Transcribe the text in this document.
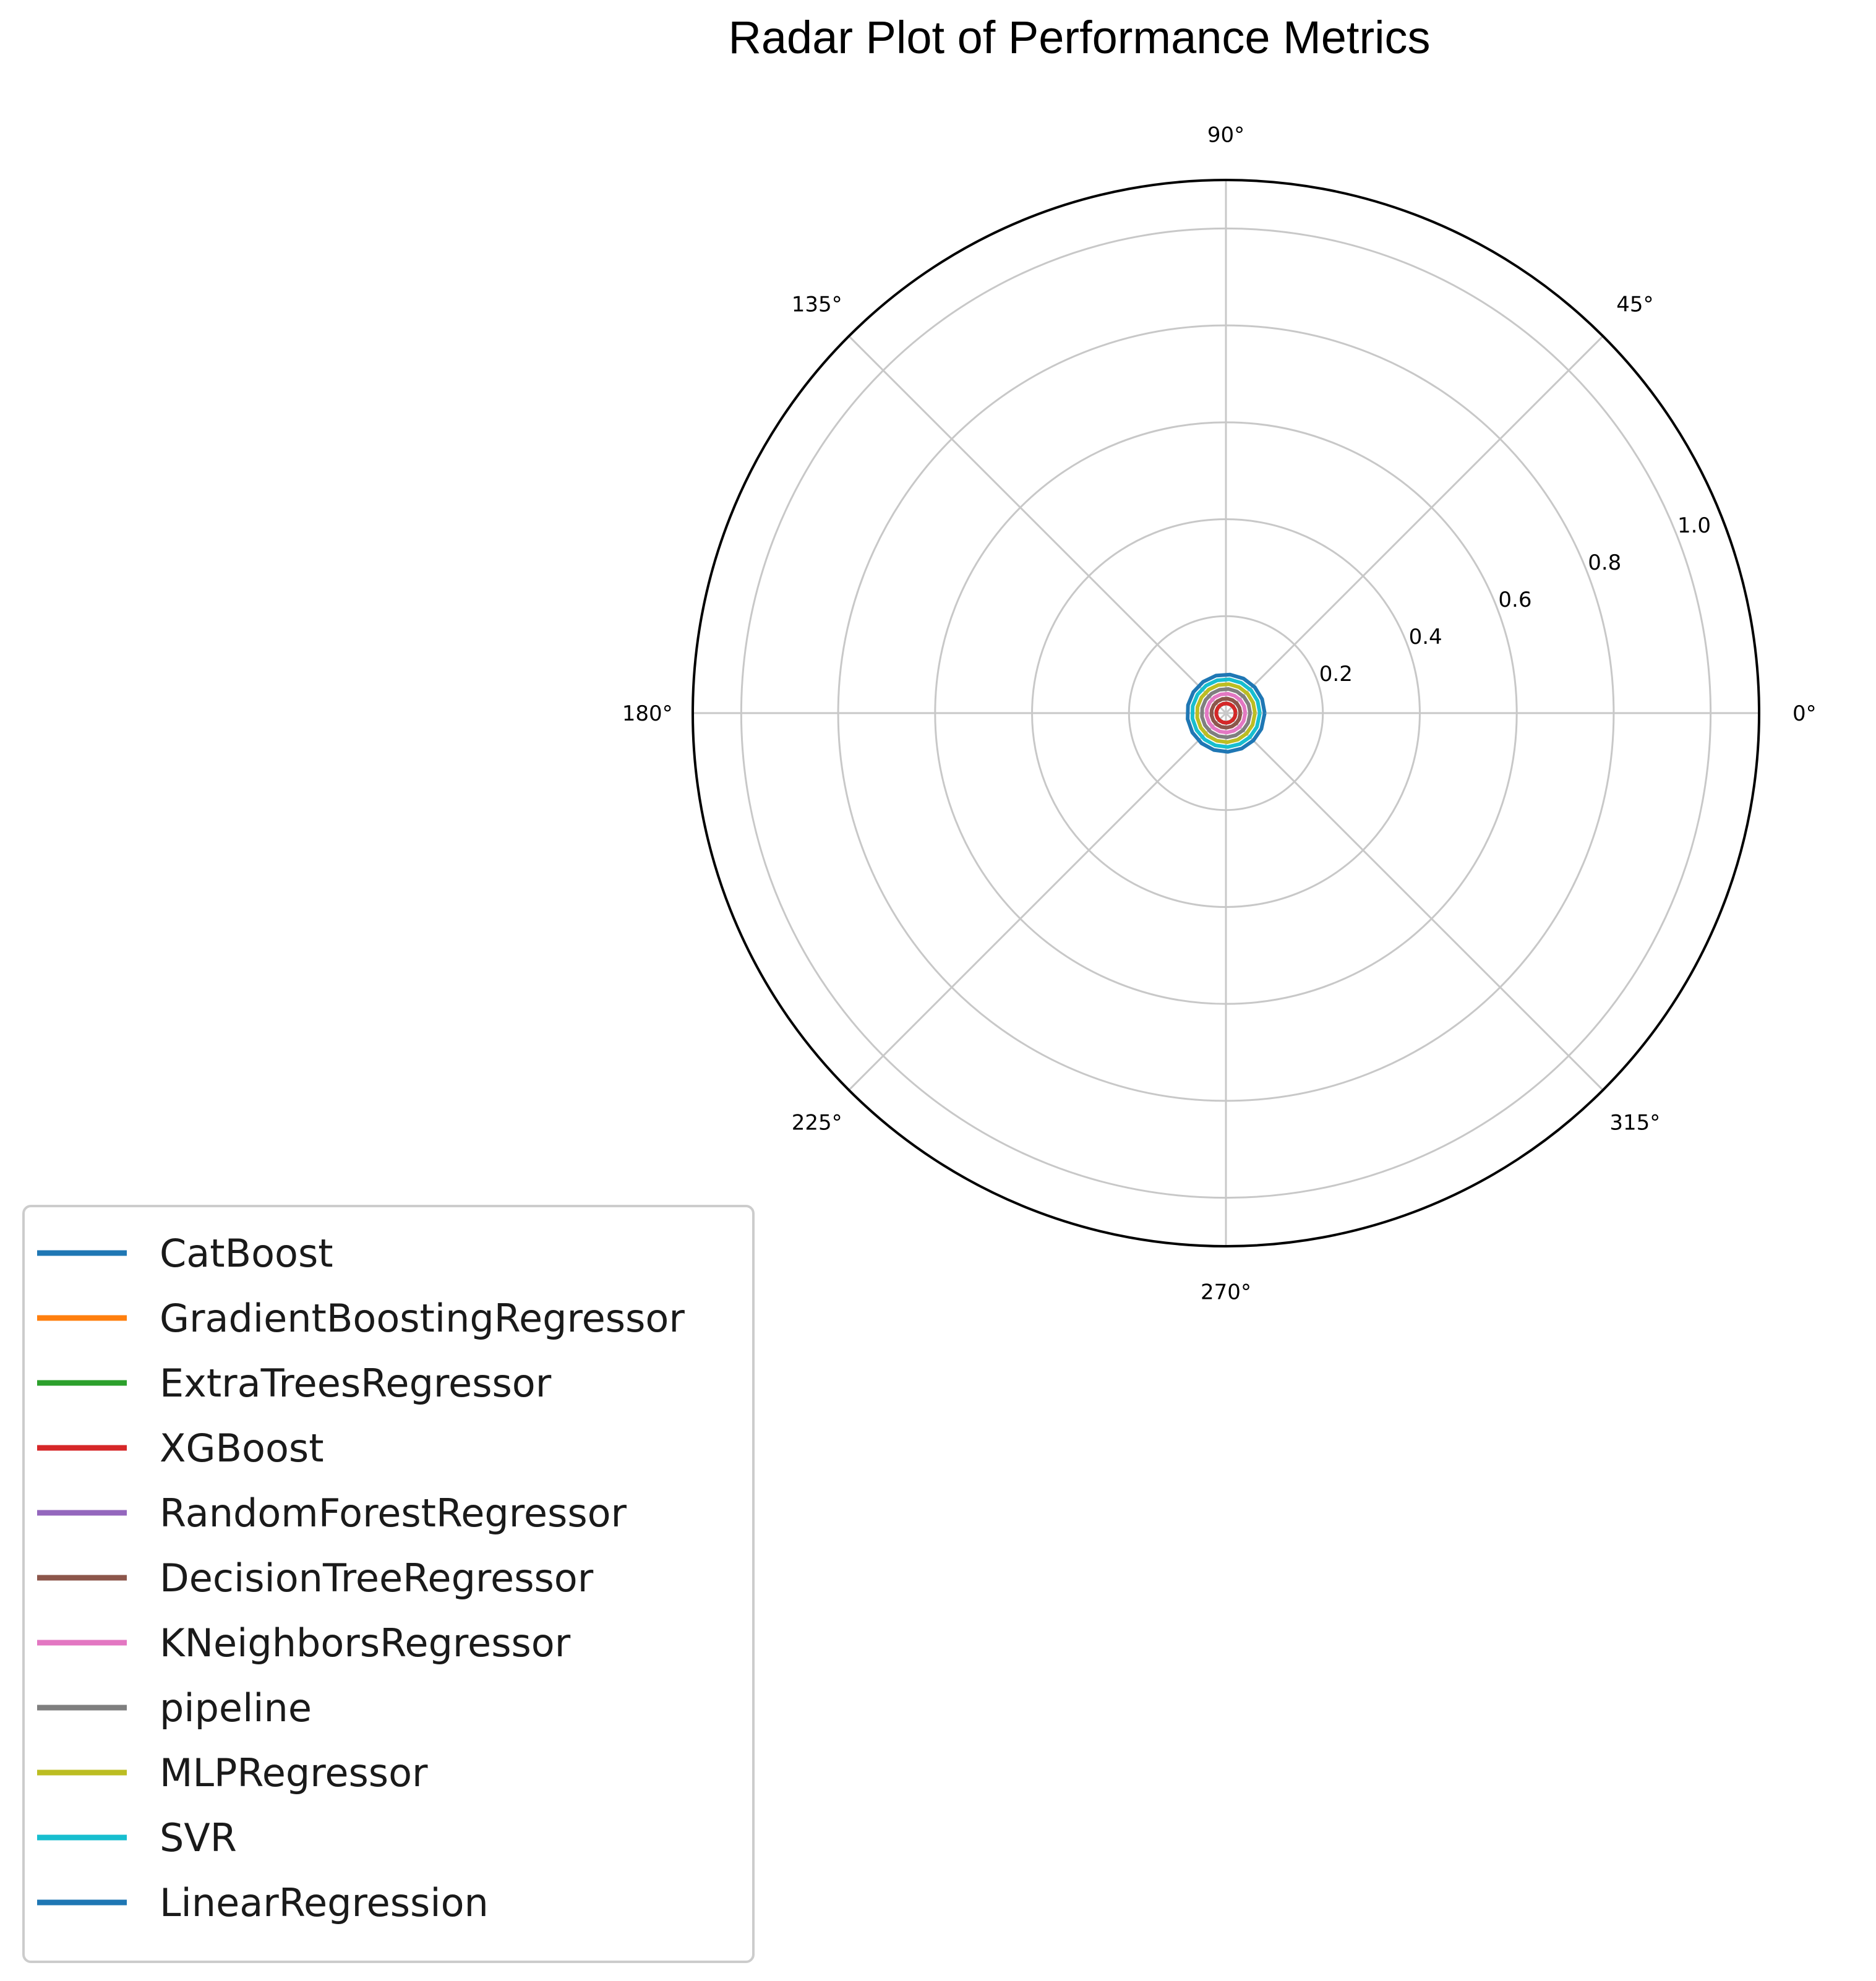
Radar Plot of Performance Metrics
0°
45°
90°
135°
180°
225°
270°
315°
0.2
0.4
0.6
0.8
1.0
CatBoost
GradientBoostingRegressor
ExtraTreesRegressor
XGBoost
RandomForestRegressor
DecisionTreeRegressor
KNeighborsRegressor
pipeline
MLPRegressor
SVR
LinearRegression
